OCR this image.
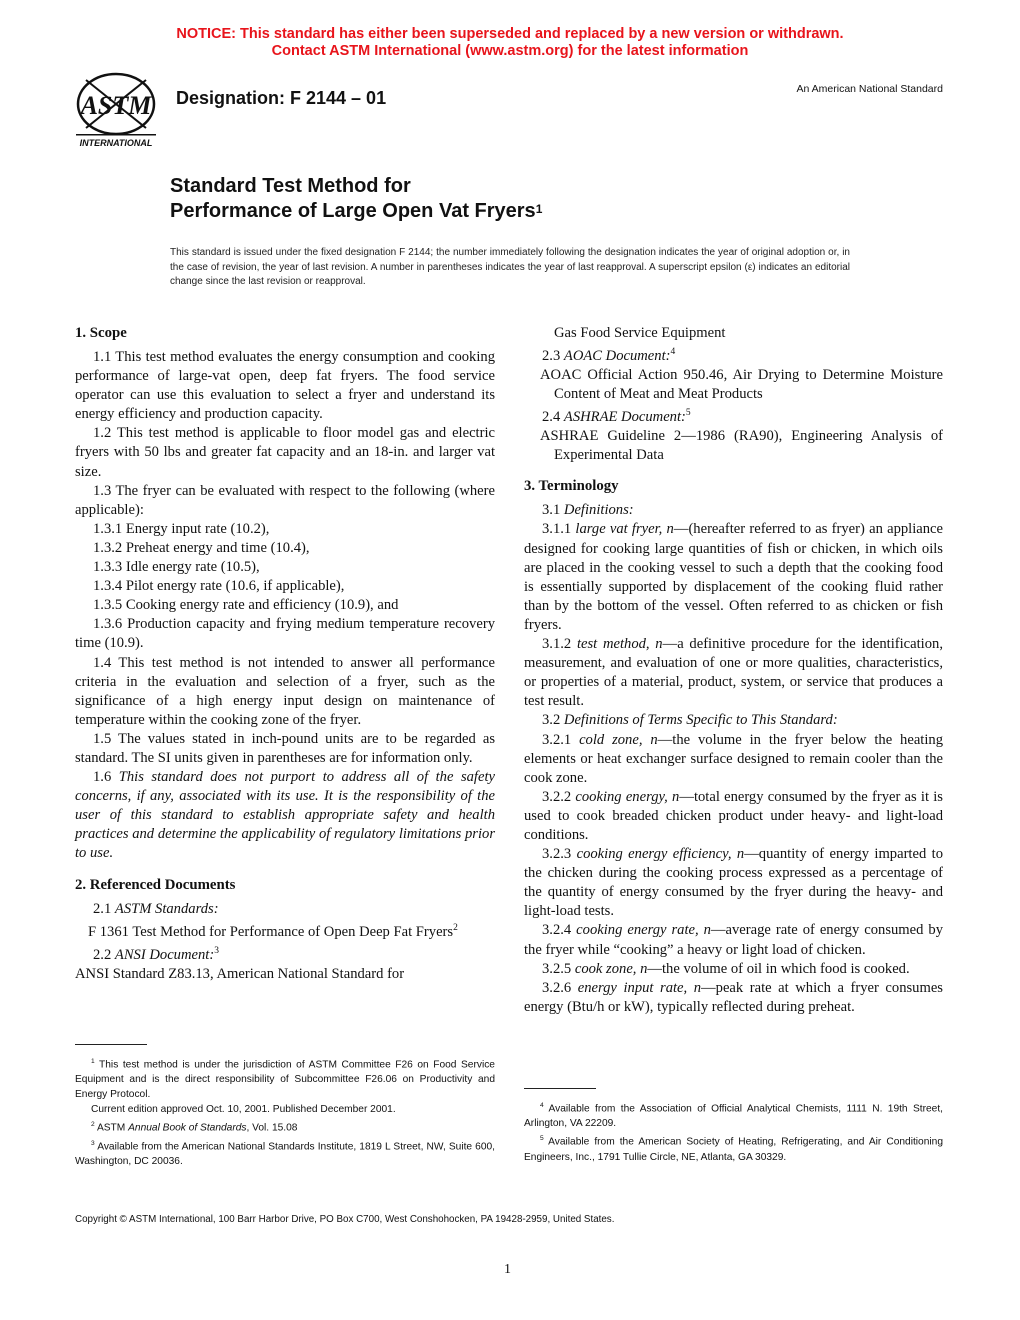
NOTICE: This standard has either been superseded and replaced by a new version or withdrawn.
Contact ASTM International (www.astm.org) for the latest information
ASTM
INTERNATIONAL
Designation: F 2144 – 01	An American National Standard
Standard Test Method for
Performance of Large Open Vat Fryers$^1$
This standard is issued under the fixed designation F 2144; the number immediately following the designation indicates the year of original adoption or, in the case of revision, the year of last revision. A number in parentheses indicates the year of last reapproval. A superscript epsilon (ε) indicates an editorial change since the last revision or reapproval.
1. Scope

1.1 This test method evaluates the energy consumption and cooking performance of large-vat open, deep fat fryers. The food service operator can use this evaluation to select a fryer and understand its energy efficiency and production capacity.

1.2 This test method is applicable to floor model gas and electric fryers with 50 lbs and greater fat capacity and an 18-in. and larger vat size.

1.3 The fryer can be evaluated with respect to the following (where applicable):

1.3.1 Energy input rate (10.2),

1.3.2 Preheat energy and time (10.4),

1.3.3 Idle energy rate (10.5),

1.3.4 Pilot energy rate (10.6, if applicable),

1.3.5 Cooking energy rate and efficiency (10.9), and

1.3.6 Production capacity and frying medium temperature recovery time (10.9).

1.4 This test method is not intended to answer all performance criteria in the evaluation and selection of a fryer, such as the significance of a high energy input design on maintenance of temperature within the cooking zone of the fryer.

1.5 The values stated in inch-pound units are to be regarded as standard. The SI units given in parentheses are for information only.

1.6 This standard does not purport to address all of the safety concerns, if any, associated with its use. It is the responsibility of the user of this standard to establish appropriate safety and health practices and determine the applicability of regulatory limitations prior to use.

2. Referenced Documents

2.1 ASTM Standards:

F 1361 Test Method for Performance of Open Deep Fat Fryers$^2$

2.2 ANSI Document:$^3$

ANSI Standard Z83.13, American National Standard for

Gas Food Service Equipment

2.3 AOAC Document:$^4$

AOAC Official Action 950.46, Air Drying to Determine Moisture Content of Meat and Meat Products

2.4 ASHRAE Document:$^5$

ASHRAE Guideline 2—1986 (RA90), Engineering Analysis of Experimental Data

3. Terminology

3.1 Definitions:

3.1.1 large vat fryer, n—(hereafter referred to as fryer) an appliance designed for cooking large quantities of fish or chicken, in which oils are placed in the cooking vessel to such a depth that the cooking food is essentially supported by displacement of the cooking fluid rather than by the bottom of the vessel. Often referred to as chicken or fish fryers.

3.1.2 test method, n—a definitive procedure for the identification, measurement, and evaluation of one or more qualities, characteristics, or properties of a material, product, system, or service that produces a test result.

3.2 Definitions of Terms Specific to This Standard:

3.2.1 cold zone, n—the volume in the fryer below the heating elements or heat exchanger surface designed to remain cooler than the cook zone.

3.2.2 cooking energy, n—total energy consumed by the fryer as it is used to cook breaded chicken product under heavy- and light-load conditions.

3.2.3 cooking energy efficiency, n—quantity of energy imparted to the chicken during the cooking process expressed as a percentage of the quantity of energy consumed by the fryer during the heavy- and light-load tests.

3.2.4 cooking energy rate, n—average rate of energy consumed by the fryer while “cooking” a heavy or light load of chicken.

3.2.5 cook zone, n—the volume of oil in which food is cooked.

3.2.6 energy input rate, n—peak rate at which a fryer consumes energy (Btu/h or kW), typically reflected during preheat.

$^1$ This test method is under the jurisdiction of ASTM Committee F26 on Food Service Equipment and is the direct responsibility of Subcommittee F26.06 on Productivity and Energy Protocol.

Current edition approved Oct. 10, 2001. Published December 2001.

$^2$ ASTM Annual Book of Standards, Vol. 15.08

$^3$ Available from the American National Standards Institute, 1819 L Street, NW, Suite 600, Washington, DC 20036.

$^4$ Available from the Association of Official Analytical Chemists, 1111 N. 19th Street, Arlington, VA 22209.

$^5$ Available from the American Society of Heating, Refrigerating, and Air Conditioning Engineers, Inc., 1791 Tullie Circle, NE, Atlanta, GA 30329.

Copyright © ASTM International, 100 Barr Harbor Drive, PO Box C700, West Conshohocken, PA 19428-2959, United States.
1
